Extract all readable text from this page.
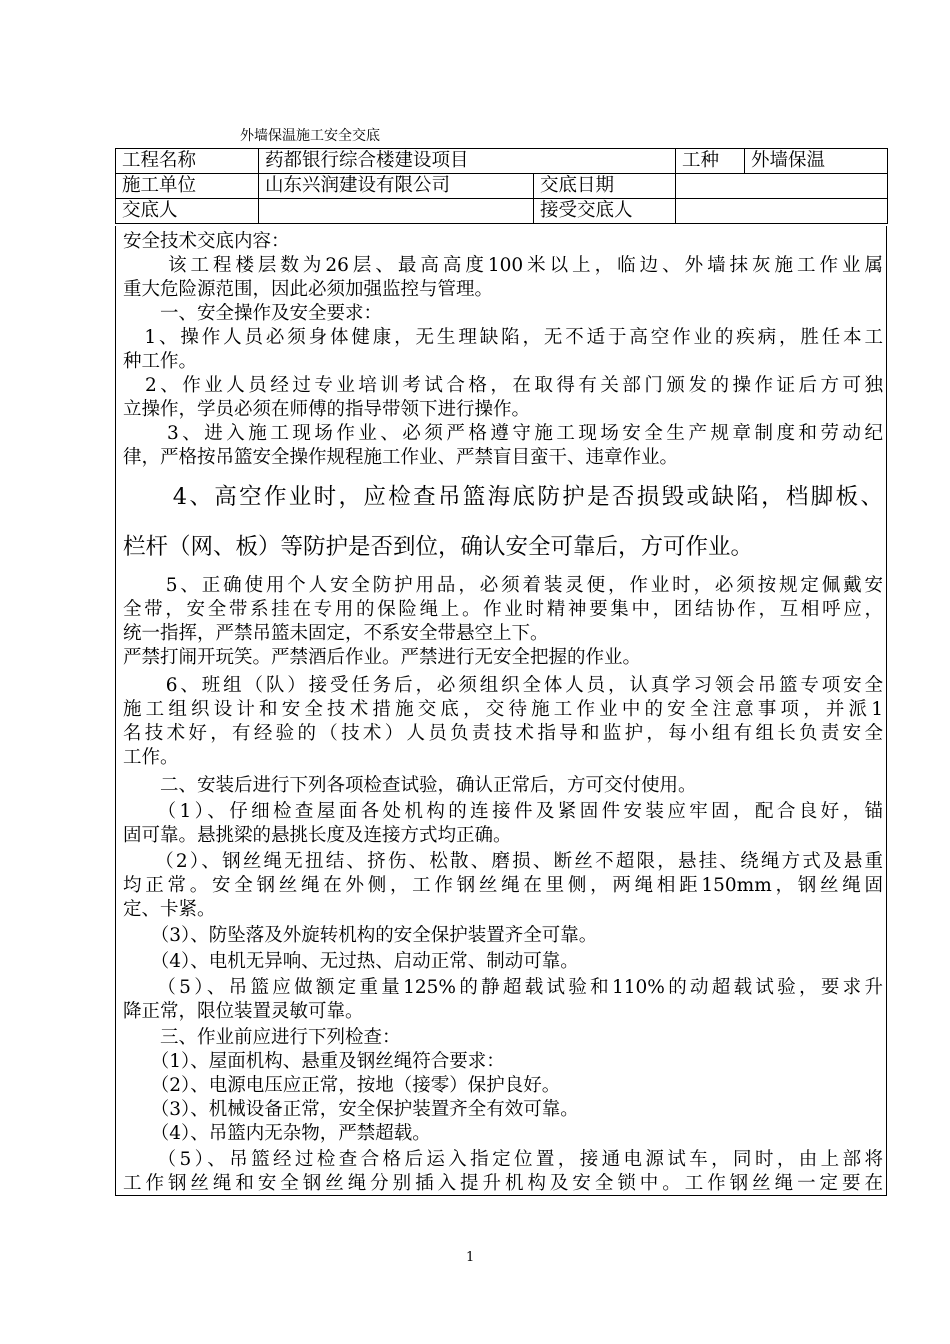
外墙保温施工安全交底
工程名称	药都银行综合楼建设项目		工种	外墙保温
施工单位	山东兴润建设有限公司	交底日期		
交底人		接受交底人		
安全技术交底内容：
　　该工程楼层数为26层、最高高度100米以上，临边、外墙抹灰施工作业属
重大危险源范围，因此必须加强监控与管理。
　　一、安全操作及安全要求：
　1、操作人员必须身体健康，无生理缺陷，无不适于高空作业的疾病，胜任本工
种工作。
　2、作业人员经过专业培训考试合格，在取得有关部门颁发的操作证后方可独
立操作，学员必须在师傅的指导带领下进行操作。
　　3、进入施工现场作业、必须严格遵守施工现场安全生产规章制度和劳动纪
律，严格按吊篮安全操作规程施工作业、严禁盲目蛮干、违章作业。
　　4、高空作业时，应检查吊篮海底防护是否损毁或缺陷，档脚板、
栏杆（网、板）等防护是否到位，确认安全可靠后，方可作业。
　　5、正确使用个人安全防护用品，必须着装灵便，作业时，必须按规定佩戴安
全带，安全带系挂在专用的保险绳上。作业时精神要集中，团结协作，互相呼应，
统一指挥，严禁吊篮未固定，不系安全带悬空上下。
严禁打闹开玩笑。严禁酒后作业。严禁进行无安全把握的作业。
　　6、班组（队）接受任务后，必须组织全体人员，认真学习领会吊篮专项安全
施工组织设计和安全技术措施交底，交待施工作业中的安全注意事项，并派1
名技术好，有经验的（技术）人员负责技术指导和监护，每小组有组长负责安全
工作。
　　二、安装后进行下列各项检查试验，确认正常后，方可交付使用。
　　（1）、仔细检查屋面各处机构的连接件及紧固件安装应牢固，配合良好，锚
固可靠。悬挑梁的悬挑长度及连接方式均正确。
　　（2）、钢丝绳无扭结、挤伤、松散、磨损、断丝不超限，悬挂、绕绳方式及悬重
均正常。安全钢丝绳在外侧，工作钢丝绳在里侧，两绳相距150mm，钢丝绳固
定、卡紧。
　　（3）、防坠落及外旋转机构的安全保护装置齐全可靠。
　　（4）、电机无异响、无过热、启动正常、制动可靠。
　　（5）、吊篮应做额定重量125%的静超载试验和110%的动超载试验，要求升
降正常，限位装置灵敏可靠。
　　三、作业前应进行下列检查：
　　（1）、屋面机构、悬重及钢丝绳符合要求：
　　（2）、电源电压应正常，按地（接零）保护良好。
　　（3）、机械设备正常，安全保护装置齐全有效可靠。
　　（4）、吊篮内无杂物，严禁超载。
　　（5）、吊篮经过检查合格后运入指定位置，接通电源试车，同时，由上部将
工作钢丝绳和安全钢丝绳分别插入提升机构及安全锁中。工作钢丝绳一定要在
1
